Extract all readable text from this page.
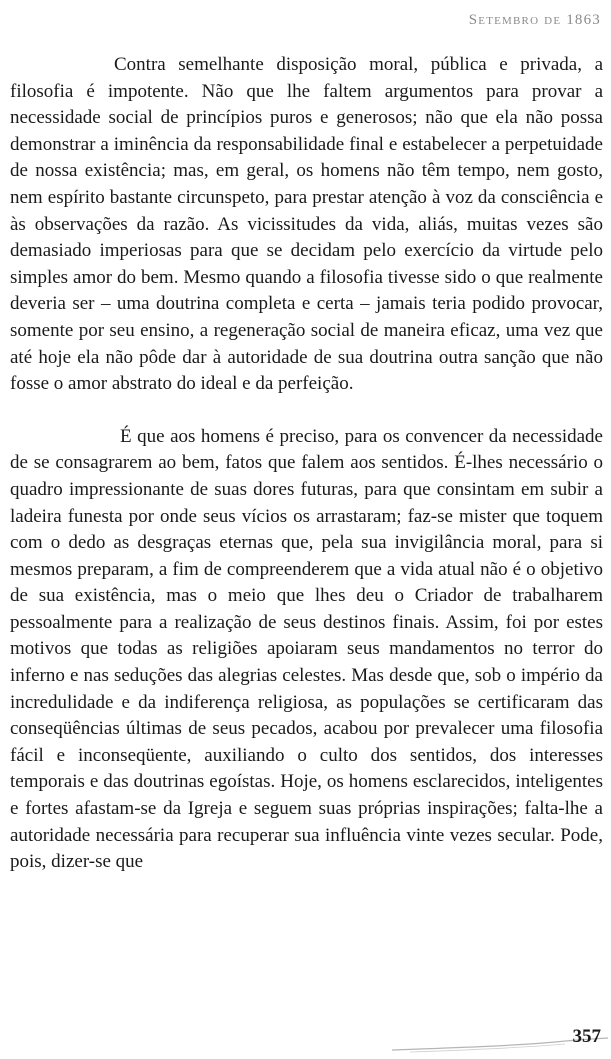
Setembro de 1863

Contra semelhante disposição moral, pública e privada, a filosofia é impotente. Não que lhe faltem argumentos para provar a necessidade social de princípios puros e generosos; não que ela não possa demonstrar a iminência da responsabilidade final e estabelecer a perpetuidade de nossa existência; mas, em geral, os homens não têm tempo, nem gosto, nem espírito bastante circunspeto, para prestar atenção à voz da consciência e às observações da razão. As vicissitudes da vida, aliás, muitas vezes são demasiado imperiosas para que se decidam pelo exercício da virtude pelo simples amor do bem. Mesmo quando a filosofia tivesse sido o que realmente deveria ser – uma doutrina completa e certa – jamais teria podido provocar, somente por seu ensino, a regeneração social de maneira eficaz, uma vez que até hoje ela não pôde dar à autoridade de sua doutrina outra sanção que não fosse o amor abstrato do ideal e da perfeição.

É que aos homens é preciso, para os convencer da necessidade de se consagrarem ao bem, fatos que falem aos sentidos. É-lhes necessário o quadro impressionante de suas dores futuras, para que consintam em subir a ladeira funesta por onde seus vícios os arrastaram; faz-se mister que toquem com o dedo as desgraças eternas que, pela sua invigilância moral, para si mesmos preparam, a fim de compreenderem que a vida atual não é o objetivo de sua existência, mas o meio que lhes deu o Criador de trabalharem pessoalmente para a realização de seus destinos finais. Assim, foi por estes motivos que todas as religiões apoiaram seus mandamentos no terror do inferno e nas seduções das alegrias celestes. Mas desde que, sob o império da incredulidade e da indiferença religiosa, as populações se certificaram das conseqüências últimas de seus pecados, acabou por prevalecer uma filosofia fácil e inconseqüente, auxiliando o culto dos sentidos, dos interesses temporais e das doutrinas egoístas. Hoje, os homens esclarecidos, inteligentes e fortes afastam-se da Igreja e seguem suas próprias inspirações; falta-lhe a autoridade necessária para recuperar sua influência vinte vezes secular. Pode, pois, dizer-se que

357
